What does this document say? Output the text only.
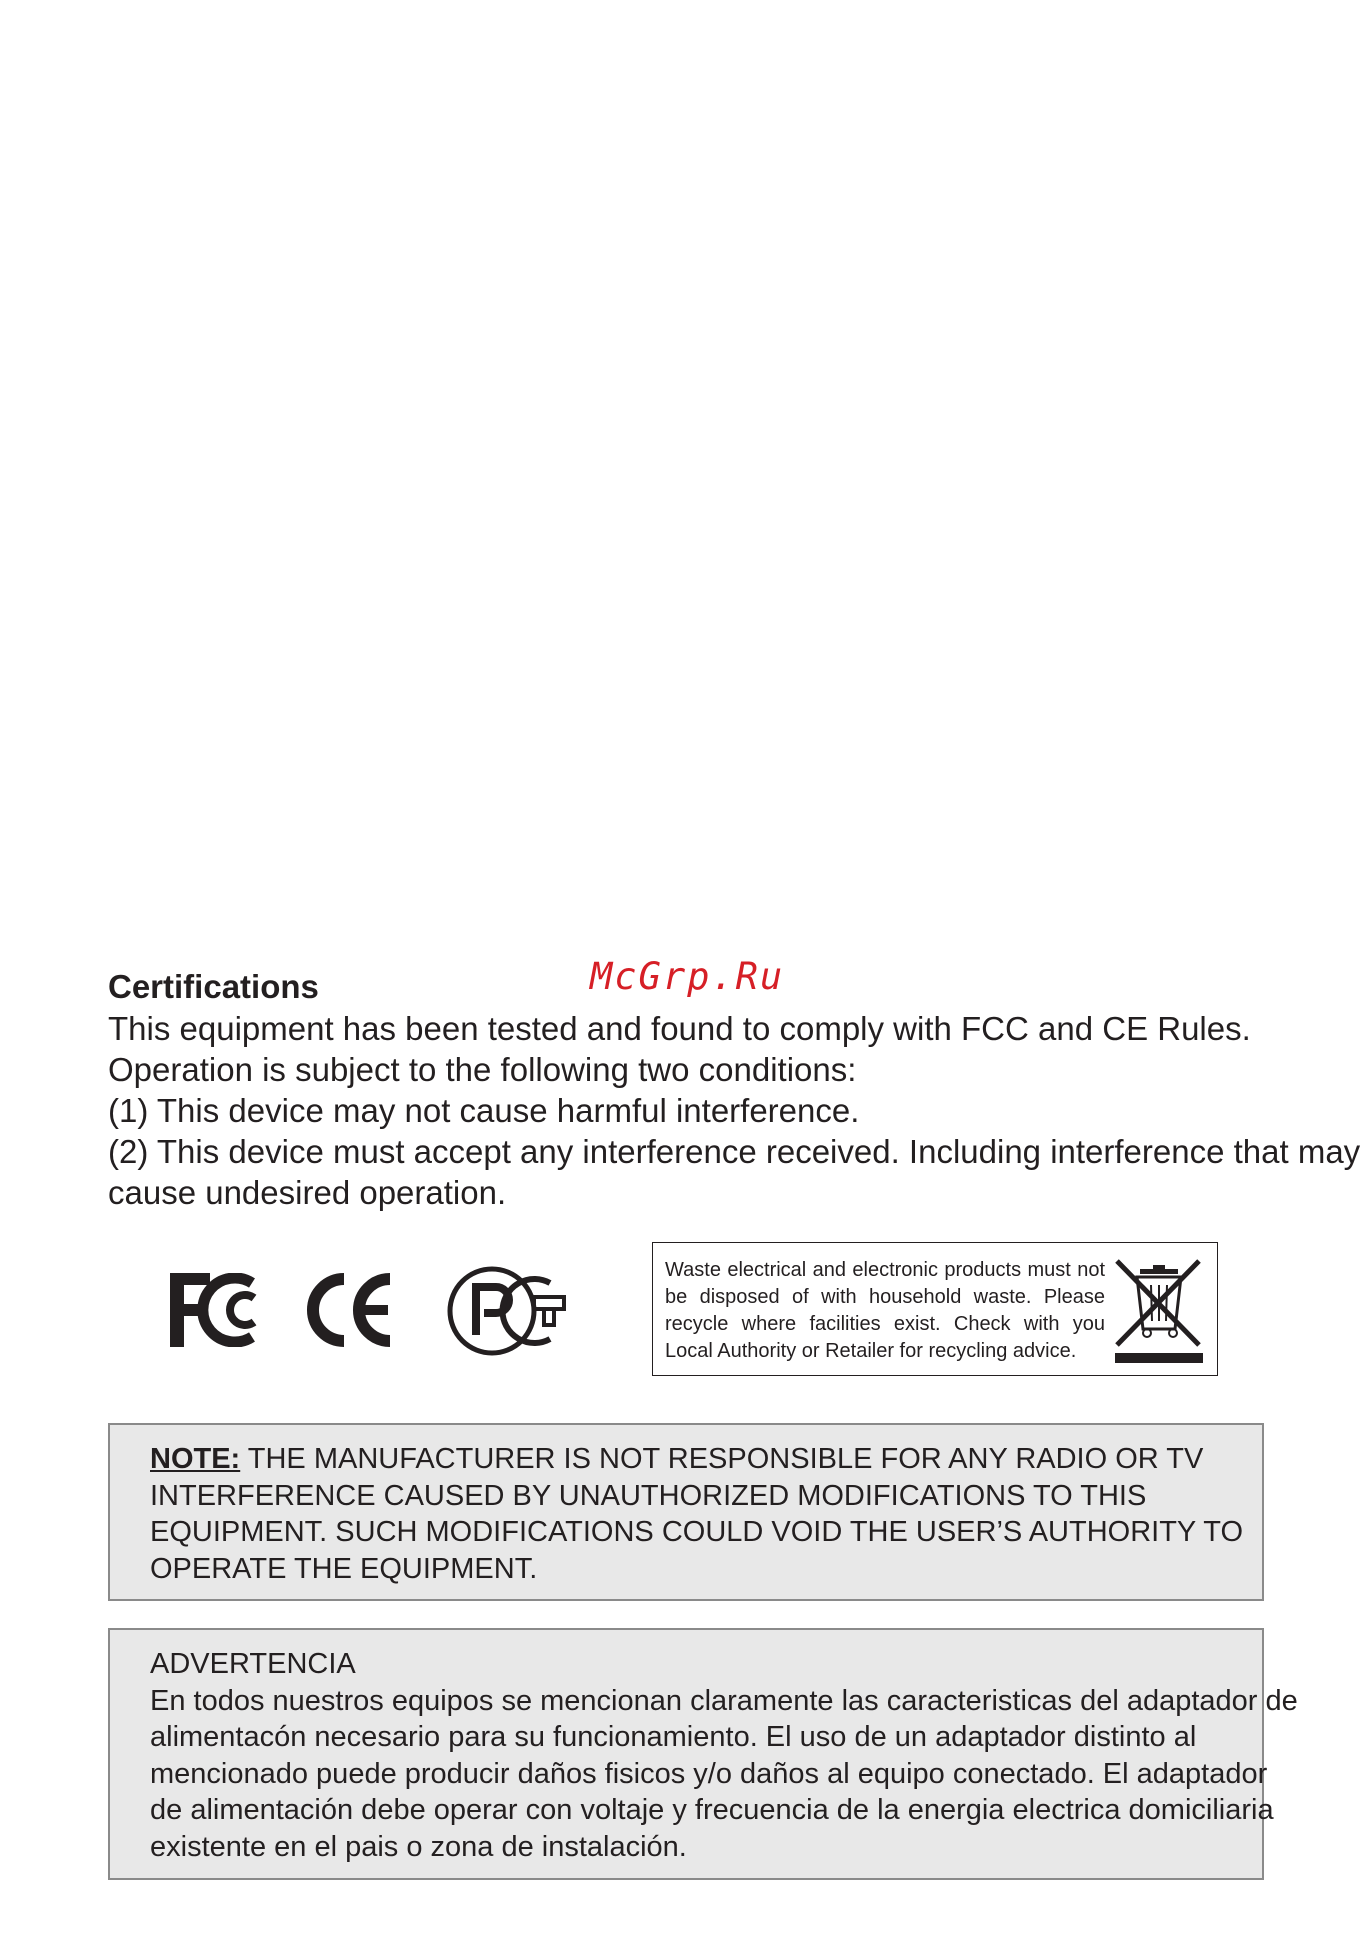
McGrp.Ru
Certifications
This equipment has been tested and found to comply with FCC and CE Rules.
Operation is subject to the following two conditions:
(1) This device may not cause harmful interference.
(2) This device must accept any interference received. Including interference that may
cause undesired operation.
Waste electrical and electronic products must not be disposed of with household waste. Please recycle where facilities exist. Check with you Local Authority or Retailer for recycling advice.
NOTE: THE MANUFACTURER IS NOT RESPONSIBLE FOR ANY RADIO OR TV
INTERFERENCE CAUSED BY UNAUTHORIZED MODIFICATIONS TO THIS
EQUIPMENT. SUCH MODIFICATIONS COULD VOID THE USER’S AUTHORITY TO
OPERATE THE EQUIPMENT.
ADVERTENCIA
En todos nuestros equipos se mencionan claramente las caracteristicas del adaptador de
alimentacón necesario para su funcionamiento. El uso de un adaptador distinto al
mencionado puede producir daños fisicos y/o daños al equipo conectado. El adaptador
de alimentación debe operar con voltaje y frecuencia de la energia electrica domiciliaria
existente en el pais o zona de instalación.
